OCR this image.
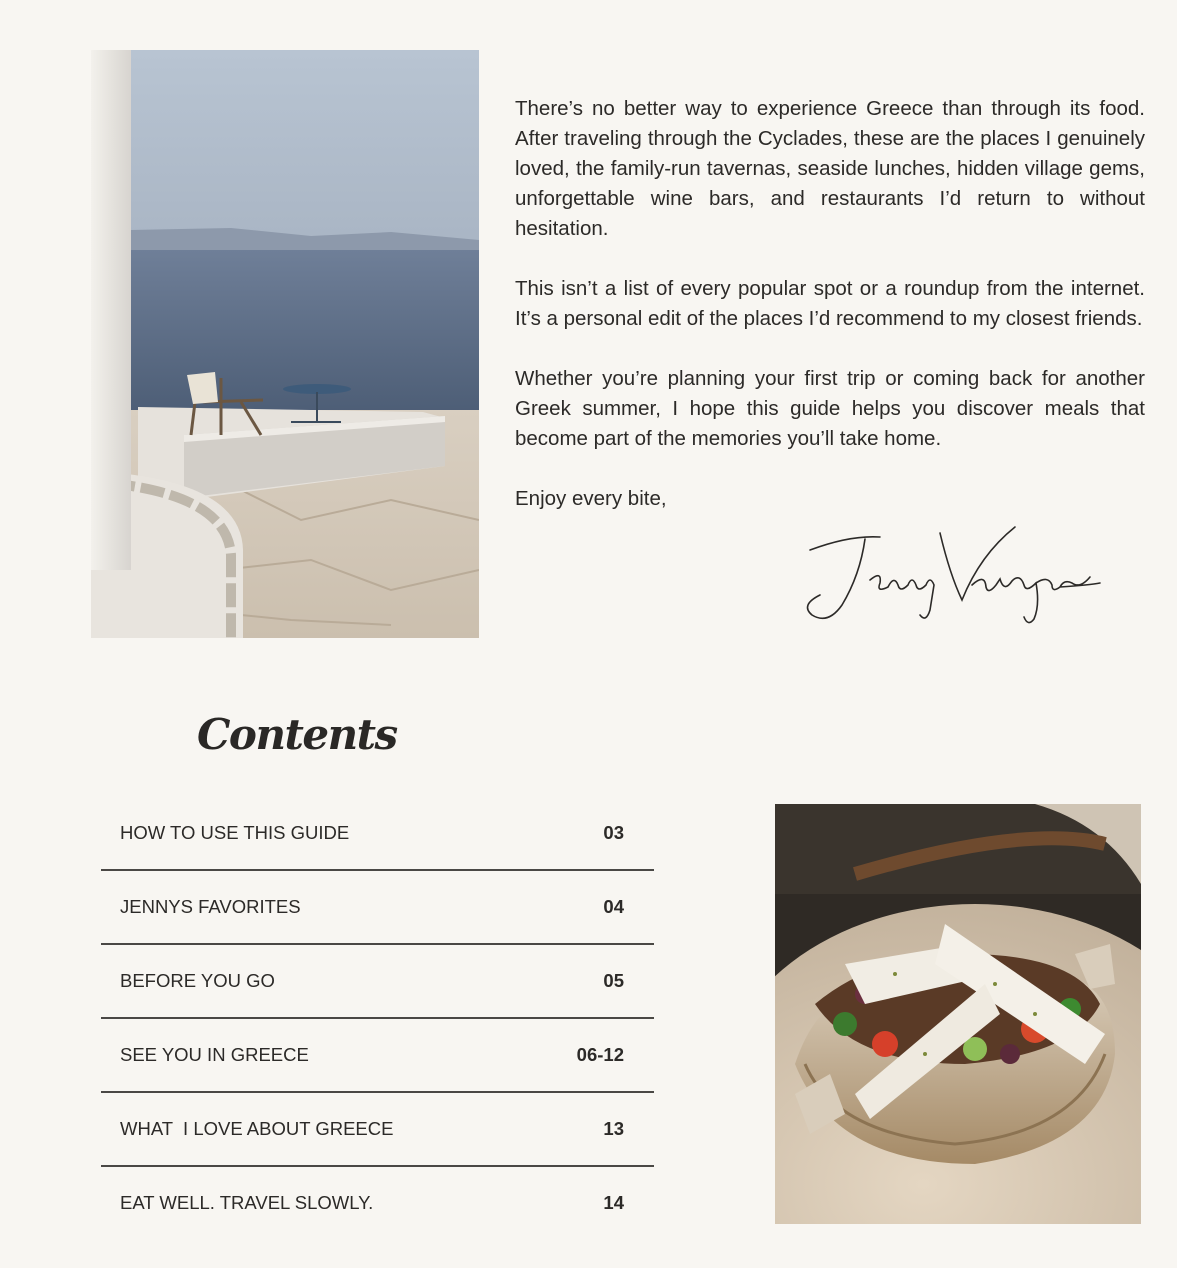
There’s no better way to experience Greece than through its food. After traveling through the Cyclades, these are the places I genuinely loved, the family-run tavernas, seaside lunches, hidden village gems, unforgettable wine bars, and restaurants I’d return to without hesitation.

This isn’t a list of every popular spot or a roundup from the internet. It’s a personal edit of the places I’d recommend to my closest friends.

Whether you’re planning your first trip or coming back for another Greek summer, I hope this guide helps you discover meals that become part of the memories you’ll take home.

Enjoy every bite,

Contents
HOW TO USE THIS GUIDE	03
JENNYS FAVORITES	04
BEFORE YOU GO	05
SEE YOU IN GREECE	06-12
WHAT  I LOVE ABOUT GREECE	13
EAT WELL. TRAVEL SLOWLY.	14
